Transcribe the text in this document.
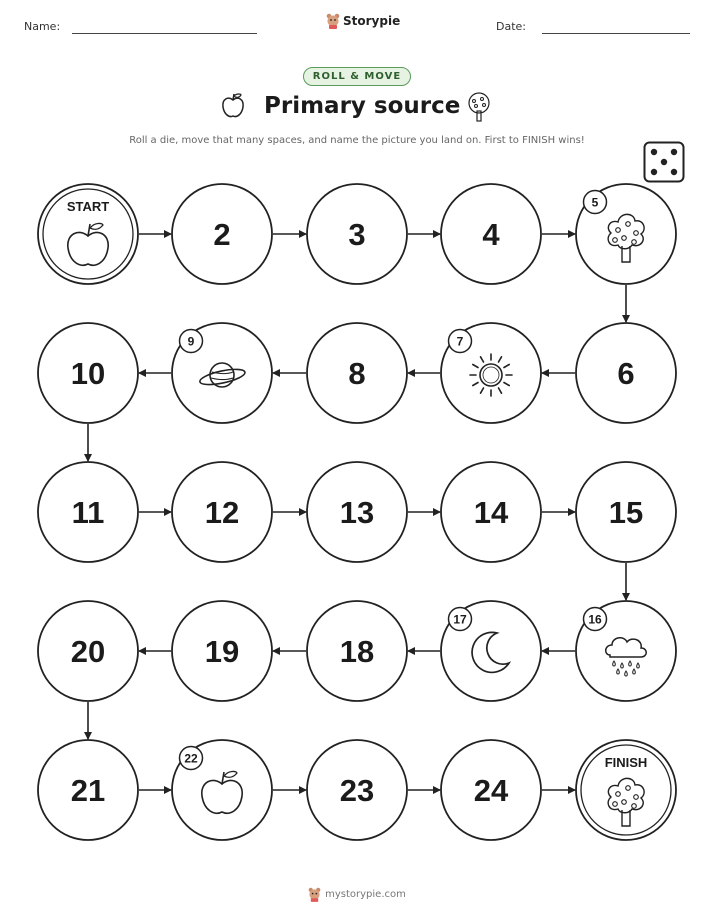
Name:	Storypie	Date:
ROLL & MOVE
Primary source
Roll a die, move that many spaces, and name the picture you land on. First to FINISH wins!
START
2	3	4
5
6
7
8
9
10
11	12	13	14	15
16
17
18
19
20
21
22
23	24
FINISH
mystorypie.com
